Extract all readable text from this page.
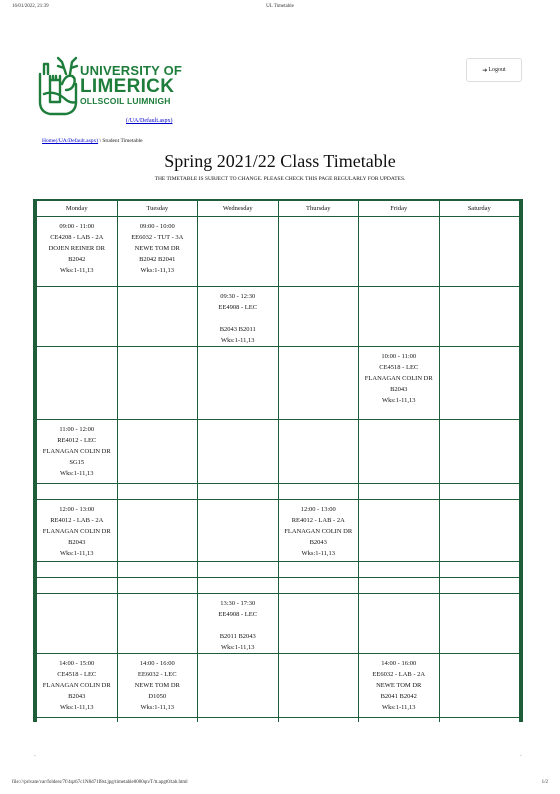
16/01/2022, 21:39	UL Timetable
UNIVERSITY OF
LIMERICK
OLLSCOIL LUIMNIGH
(/UA/Default.aspx)
➔ Logout
Home(/UA/Default.aspx) \ Student Timetable
Spring 2021/22 Class Timetable
THE TIMETABLE IS SUBJECT TO CHANGE. PLEASE CHECK THIS PAGE REGULARLY FOR UPDATES.
Monday	Tuesday	Wednesday	Thursday	Friday	Saturday

09:00 - 11:00
CE4208 - LAB - 2A
DOJEN REINER DR
B2042
Wks:1-11,13	09:00 - 10:00
EE6032 - TUT - 3A
NEWE TOM DR
B2042 B2041
Wks:1-11,13				

		09:30 - 12:30
EE4908 - LEC

B2043 B2011
Wks:1-11,13			

				10:00 - 11:00
CE4518 - LEC
FLANAGAN COLIN DR
B2043
Wks:1-11,13	

11:00 - 12:00
RE4012 - LEC
FLANAGAN COLIN DR
SG15
Wks:1-11,13					

12:00 - 13:00
RE4012 - LAB - 2A
FLANAGAN COLIN DR
B2043
Wks:1-11,13			12:00 - 13:00
RE4012 - LAB - 2A
FLANAGAN COLIN DR
B2043
Wks:1-11,13		

		13:30 - 17:30
EE4908 - LEC

B2011 B2043
Wks:1-11,13			

14:00 - 15:00
CE4518 - LEC
FLANAGAN COLIN DR
B2043
Wks:1-11,13	14:00 - 16:00
EE6032 - LEC
NEWE TOM DR
D1050
Wks:1-11,13			14:00 - 16:00
EE6032 - LAB - 2A
NEWE TOM DR
B2041 B2042
Wks:1-11,13	

-	-
file:///private/var/folders/7f/4qz67c1N8d71f8st.jpg/timetable0000qn/T/tt.apgt0/tab.html	1/2
